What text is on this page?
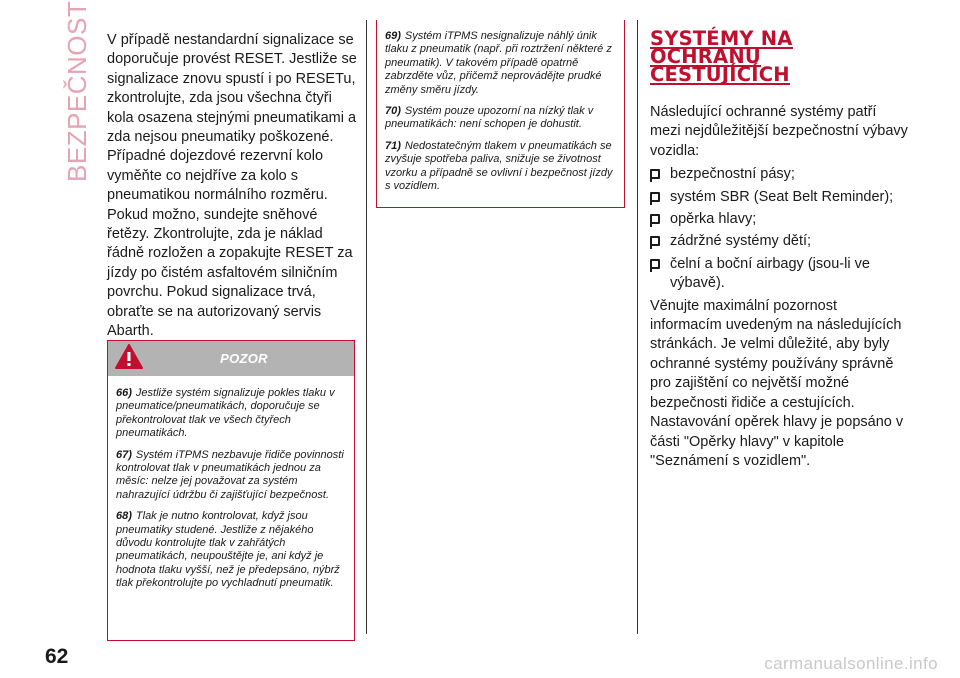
BEZPEČNOST V případě nestandardní signalizace se doporučuje provést RESET. Jestliže se signalizace znovu spustí i po RESETu, zkontrolujte, zda jsou všechna čtyři kola osazena stejnými pneumatikami a zda nejsou pneumatiky poškozené. Případné dojezdové rezervní kolo vyměňte co nejdříve za kolo s pneumatikou normálního rozměru. Pokud možno, sundejte sněhové řetězy. Zkontrolujte, zda je náklad řádně rozložen a zopakujte RESET za jízdy po čistém asfaltovém silničním povrchu. Pokud signalizace trvá, obraťte se na autorizovaný servis Abarth.

POZOR

66) Jestliže systém signalizuje pokles tlaku v pneumatice/pneumatikách, doporučuje se překontrolovat tlak ve všech čtyřech pneumatikách.

67) Systém iTPMS nezbavuje řidiče povinnosti kontrolovat tlak v pneumatikách jednou za měsíc: nelze jej považovat za systém nahrazující údržbu či zajišťující bezpečnost.

68) Tlak je nutno kontrolovat, když jsou pneumatiky studené. Jestliže z nějakého důvodu kontrolujte tlak v zahřátých pneumatikách, neupouštějte je, ani když je hodnota tlaku vyšší, než je předepsáno, nýbrž tlak překontrolujte po vychladnutí pneumatik.

69) Systém iTPMS nesignalizuje náhlý únik tlaku z pneumatik (např. při roztržení některé z pneumatik). V takovém případě opatrně zabrzděte vůz, přičemž neprovádějte prudké změny směru jízdy.

70) Systém pouze upozorní na nízký tlak v pneumatikách: není schopen je dohustit.

71) Nedostatečným tlakem v pneumatikách se zvyšuje spotřeba paliva, snižuje se životnost vzorku a případně se ovlivní i bezpečnost jízdy s vozidlem.

SYSTÉMY NA
OCHRANU
CESTUJÍCÍCH

Následující ochranné systémy patří mezi nejdůležitější bezpečnostní výbavy vozidla:

bezpečnostní pásy;
systém SBR (Seat Belt Reminder);
opěrka hlavy;
zádržné systémy dětí;
čelní a boční airbagy (jsou-li ve výbavě).

Věnujte maximální pozornost informacím uvedeným na následujících stránkách. Je velmi důležité, aby byly ochranné systémy používány správně pro zajištění co největší možné bezpečnosti řidiče a cestujících. Nastavování opěrek hlavy je popsáno v části "Opěrky hlavy" v kapitole "Seznámení s vozidlem".

62	carmanualsonline.info
